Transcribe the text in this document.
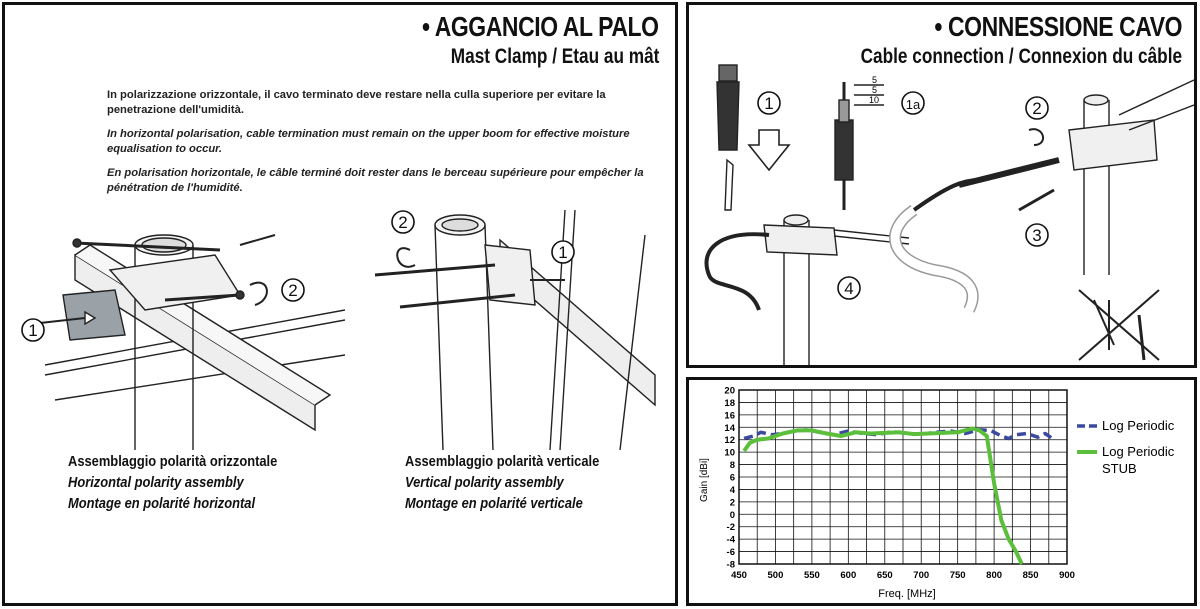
• AGGANCIO AL PALO
Mast Clamp / Etau au mât
In polarizzazione orizzontale, il cavo terminato deve restare nella culla superiore per evitare la penetrazione dell'umidità.
In horizontal polarisation, cable termination must remain on the upper boom for effective moisture equalisation to occur.
En polarisation horizontale, le câble terminé doit rester dans le berceau supérieure pour empêcher la pénétration de l'humidité.
1
2
2
1
Assemblaggio polarità orizzontale
Horizontal polarity assembly
Montage en polarité horizontal
Assemblaggio polarità verticale
Vertical polarity assembly
Montage en polarité verticale
• CONNESSIONE CAVO
Cable connection / Connexion du câble
1	1a	2
3
4
5
5
10
20
18
16
14
12
10
8
6
4
2
0
-2
-4
-6
-8
450 500 550 600 650 700 750 800 850 900
Gain [dBi]
Freq. [MHz]
Log Periodic
Log Periodic
STUB
